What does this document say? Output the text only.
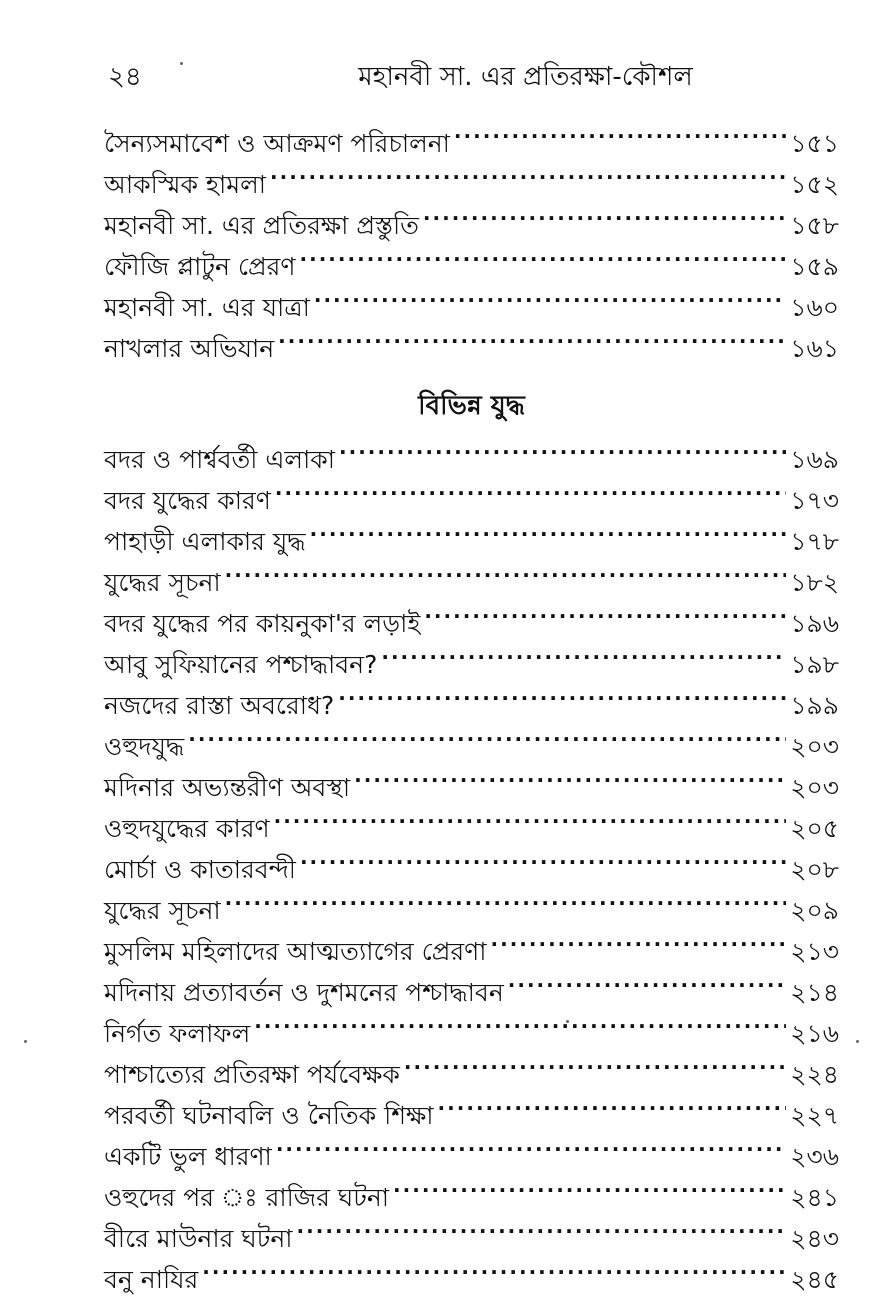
২৪	মহানবী সা. এর প্রতিরক্ষা-কৌশল
সৈন্যসমাবেশ ও আক্রমণ পরিচালনা .....	১৫১
আকস্মিক হামলা .....	১৫২
মহানবী সা. এর প্রতিরক্ষা প্রস্তুতি .....	১৫৮
ফৌজি প্লাটুন প্রেরণ .....	১৫৯
মহানবী সা. এর যাত্রা .....	১৬০
নাখলার অভিযান .....	১৬১
বিভিন্ন যুদ্ধ
বদর ও পার্শ্ববর্তী এলাকা .....	১৬৯
বদর যুদ্ধের কারণ .....	১৭৩
পাহাড়ী এলাকার যুদ্ধ .....	১৭৮
যুদ্ধের সূচনা .....	১৮২
বদর যুদ্ধের পর কায়নুকা'র লড়াই .....	১৯৬
আবু সুফিয়ানের পশ্চাদ্ধাবন? .....	১৯৮
নজদের রাস্তা অবরোধ? .....	১৯৯
ওহুদযুদ্ধ .....	২০৩
মদিনার অভ্যন্তরীণ অবস্থা .....	২০৩
ওহুদযুদ্ধের কারণ .....	২০৫
মোর্চা ও কাতারবন্দী .....	২০৮
যুদ্ধের সূচনা .....	২০৯
মুসলিম মহিলাদের আত্মত্যাগের প্রেরণা .....	২১৩
মদিনায় প্রত্যাবর্তন ও দুশমনের পশ্চাদ্ধাবন .....	২১৪
নির্গত ফলাফল .....	২১৬
পাশ্চাত্যের প্রতিরক্ষা পর্যবেক্ষক .....	২২৪
পরবর্তী ঘটনাবলি ও নৈতিক শিক্ষা .....	২২৭
একটি ভুল ধারণা .....	২৩৬
ওহুদের পর ঃ রাজির ঘটনা .....	২৪১
বীরে মাউনার ঘটনা .....	২৪৩
বনু নাযির .....	২৪৫
